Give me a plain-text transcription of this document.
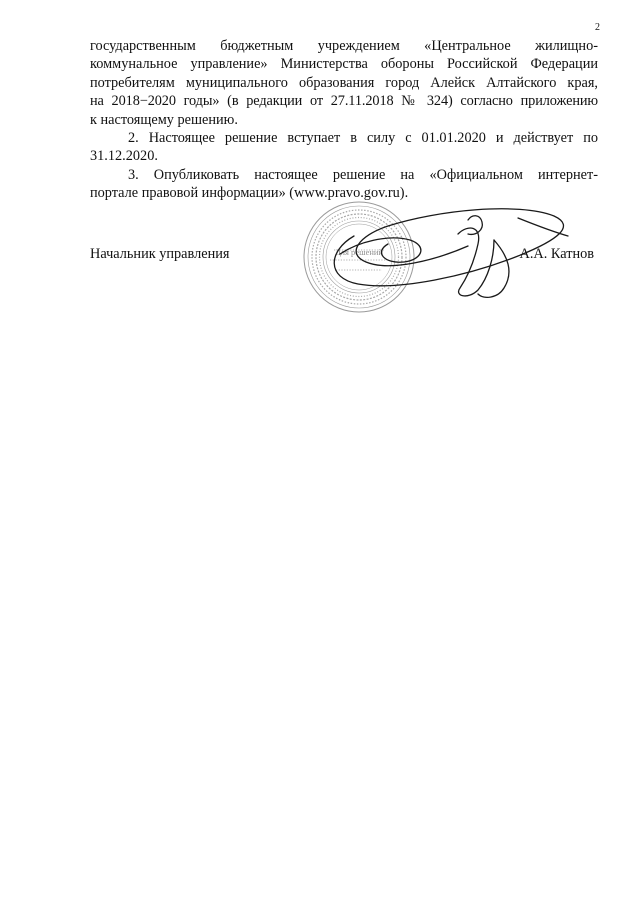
2
государственным бюджетным учреждением «Центральное жилищно-
коммунальное управление» Министерства обороны Российской Федерации
потребителям муниципального образования город Алейск Алтайского края,
на 2018−2020 годы» (в редакции от 27.11.2018 № 324) согласно приложению
к настоящему решению.
2. Настоящее решение вступает в силу с 01.01.2020 и действует по
31.12.2020.
3. Опубликовать настоящее решение на «Официальном интернет-
портале правовой информации» (www.pravo.gov.ru).
Для решений
Начальник управления	А.А. Катнов
